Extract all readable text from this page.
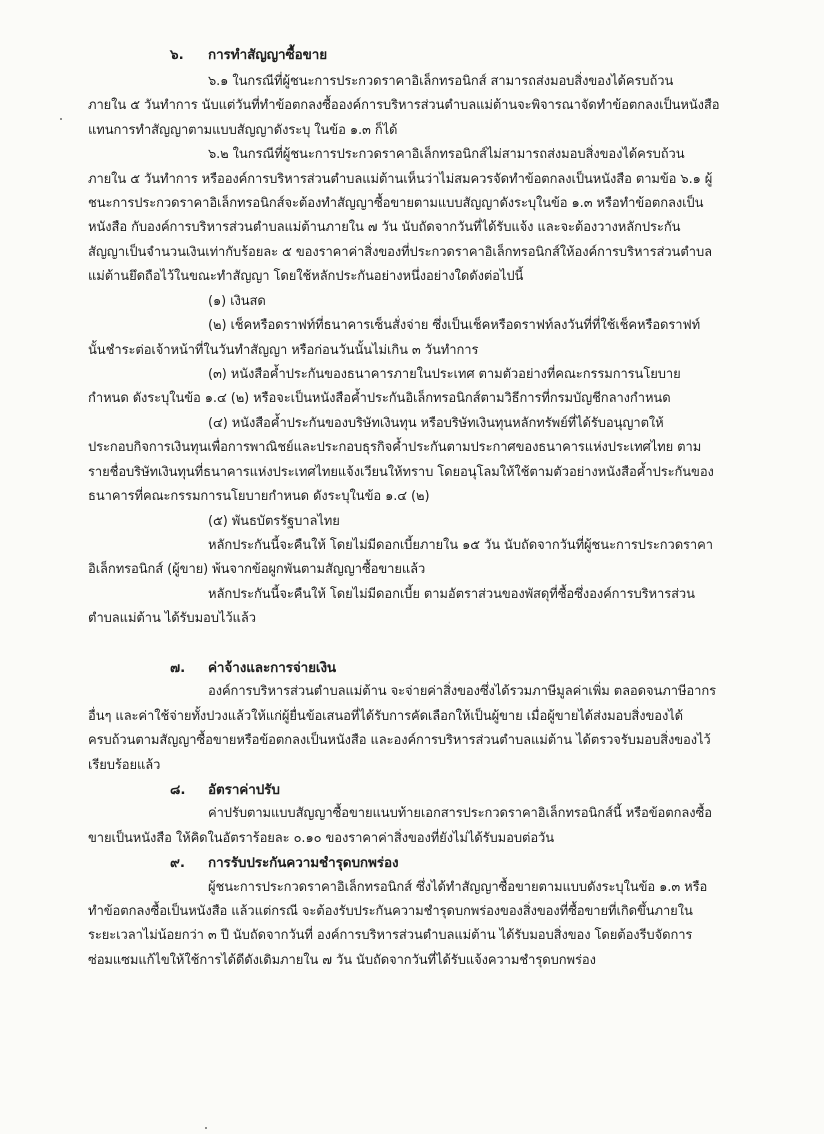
๖. การทำสัญญาซื้อขาย
๖.๑ ในกรณีที่ผู้ชนะการประกวดราคาอิเล็กทรอนิกส์ สามารถส่งมอบสิ่งของได้ครบถ้วน
ภายใน ๕ วันทำการ นับแต่วันที่ทำข้อตกลงซื้อองค์การบริหารส่วนตำบลแม่ต้านจะพิจารณาจัดทำข้อตกลงเป็นหนังสือ
แทนการทำสัญญาตามแบบสัญญาดังระบุ ในข้อ ๑.๓ ก็ได้
๖.๒ ในกรณีที่ผู้ชนะการประกวดราคาอิเล็กทรอนิกส์ไม่สามารถส่งมอบสิ่งของได้ครบถ้วน
ภายใน ๕ วันทำการ หรือองค์การบริหารส่วนตำบลแม่ต้านเห็นว่าไม่สมควรจัดทำข้อตกลงเป็นหนังสือ ตามข้อ ๖.๑ ผู้
ชนะการประกวดราคาอิเล็กทรอนิกส์จะต้องทำสัญญาซื้อขายตามแบบสัญญาดังระบุในข้อ ๑.๓ หรือทำข้อตกลงเป็น
หนังสือ กับองค์การบริหารส่วนตำบลแม่ต้านภายใน ๗ วัน นับถัดจากวันที่ได้รับแจ้ง และจะต้องวางหลักประกัน
สัญญาเป็นจำนวนเงินเท่ากับร้อยละ ๕ ของราคาค่าสิ่งของที่ประกวดราคาอิเล็กทรอนิกส์ให้องค์การบริหารส่วนตำบล
แม่ต้านยึดถือไว้ในขณะทำสัญญา โดยใช้หลักประกันอย่างหนึ่งอย่างใดดังต่อไปนี้
(๑) เงินสด
(๒) เช็คหรือดราฟท์ที่ธนาคารเซ็นสั่งจ่าย ซึ่งเป็นเช็คหรือดราฟท์ลงวันที่ที่ใช้เช็คหรือดราฟท์
นั้นชำระต่อเจ้าหน้าที่ในวันทำสัญญา หรือก่อนวันนั้นไม่เกิน ๓ วันทำการ
(๓) หนังสือค้ำประกันของธนาคารภายในประเทศ ตามตัวอย่างที่คณะกรรมการนโยบาย
กำหนด ดังระบุในข้อ ๑.๔ (๒) หรือจะเป็นหนังสือค้ำประกันอิเล็กทรอนิกส์ตามวิธีการที่กรมบัญชีกลางกำหนด
(๔) หนังสือค้ำประกันของบริษัทเงินทุน หรือบริษัทเงินทุนหลักทรัพย์ที่ได้รับอนุญาตให้
ประกอบกิจการเงินทุนเพื่อการพาณิชย์และประกอบธุรกิจค้ำประกันตามประกาศของธนาคารแห่งประเทศไทย ตาม
รายชื่อบริษัทเงินทุนที่ธนาคารแห่งประเทศไทยแจ้งเวียนให้ทราบ โดยอนุโลมให้ใช้ตามตัวอย่างหนังสือค้ำประกันของ
ธนาคารที่คณะกรรมการนโยบายกำหนด ดังระบุในข้อ ๑.๔ (๒)
(๕) พันธบัตรรัฐบาลไทย
หลักประกันนี้จะคืนให้ โดยไม่มีดอกเบี้ยภายใน ๑๕ วัน นับถัดจากวันที่ผู้ชนะการประกวดราคา
อิเล็กทรอนิกส์ (ผู้ขาย) พ้นจากข้อผูกพันตามสัญญาซื้อขายแล้ว
หลักประกันนี้จะคืนให้ โดยไม่มีดอกเบี้ย ตามอัตราส่วนของพัสดุที่ซื้อซึ่งองค์การบริหารส่วน
ตำบลแม่ต้าน ได้รับมอบไว้แล้ว
๗. ค่าจ้างและการจ่ายเงิน
องค์การบริหารส่วนตำบลแม่ต้าน จะจ่ายค่าสิ่งของซึ่งได้รวมภาษีมูลค่าเพิ่ม ตลอดจนภาษีอากร
อื่นๆ และค่าใช้จ่ายทั้งปวงแล้วให้แก่ผู้ยื่นข้อเสนอที่ได้รับการคัดเลือกให้เป็นผู้ขาย เมื่อผู้ขายได้ส่งมอบสิ่งของได้
ครบถ้วนตามสัญญาซื้อขายหรือข้อตกลงเป็นหนังสือ และองค์การบริหารส่วนตำบลแม่ต้าน ได้ตรวจรับมอบสิ่งของไว้
เรียบร้อยแล้ว
๘. อัตราค่าปรับ
ค่าปรับตามแบบสัญญาซื้อขายแนบท้ายเอกสารประกวดราคาอิเล็กทรอนิกส์นี้ หรือข้อตกลงซื้อ
ขายเป็นหนังสือ ให้คิดในอัตราร้อยละ ๐.๑๐ ของราคาค่าสิ่งของที่ยังไม่ได้รับมอบต่อวัน
๙. การรับประกันความชำรุดบกพร่อง
ผู้ชนะการประกวดราคาอิเล็กทรอนิกส์ ซึ่งได้ทำสัญญาซื้อขายตามแบบดังระบุในข้อ ๑.๓ หรือ
ทำข้อตกลงซื้อเป็นหนังสือ แล้วแต่กรณี จะต้องรับประกันความชำรุดบกพร่องของสิ่งของที่ซื้อขายที่เกิดขึ้นภายใน
ระยะเวลาไม่น้อยกว่า ๓ ปี นับถัดจากวันที่ องค์การบริหารส่วนตำบลแม่ต้าน ได้รับมอบสิ่งของ โดยต้องรีบจัดการ
ซ่อมแซมแก้ไขให้ใช้การได้ดีดังเดิมภายใน ๗ วัน นับถัดจากวันที่ได้รับแจ้งความชำรุดบกพร่อง
